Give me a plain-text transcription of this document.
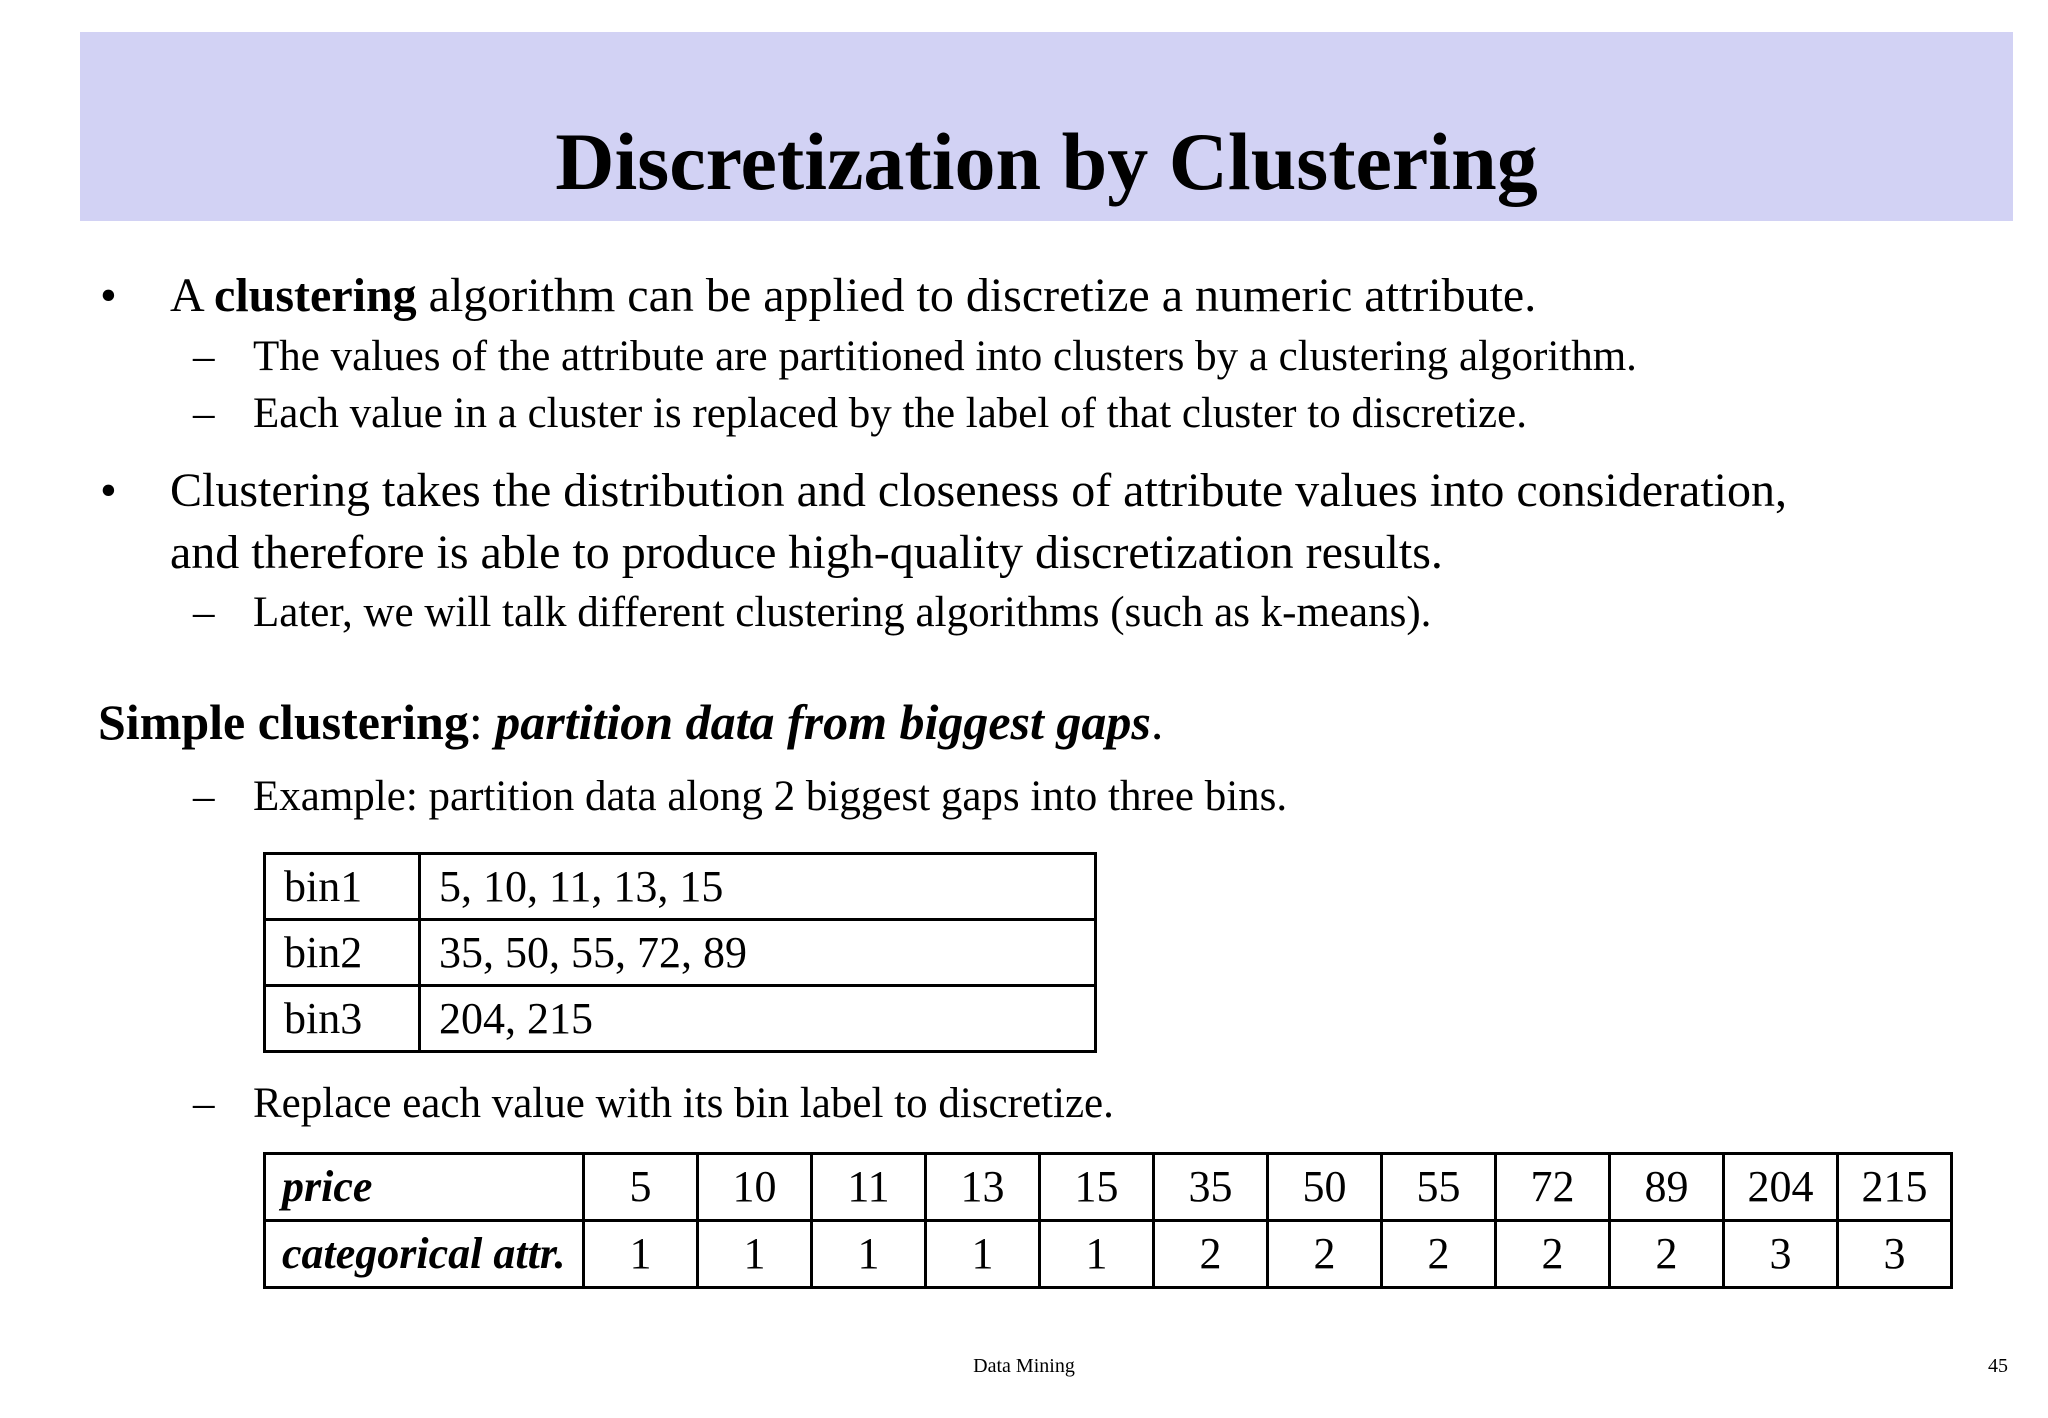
Discretization by Clustering
• A clustering algorithm can be applied to discretize a numeric attribute.
– The values of the attribute are partitioned into clusters by a clustering algorithm.
– Each value in a cluster is replaced by the label of that cluster to discretize.
• Clustering takes the distribution and closeness of attribute values into consideration,
and therefore is able to produce high-quality discretization results.
– Later, we will talk different clustering algorithms (such as k-means).
Simple clustering: partition data from biggest gaps.
– Example: partition data along 2 biggest gaps into three bins.
bin1	5, 10, 11, 13, 15
bin2	35, 50, 55, 72, 89
bin3	204, 215
– Replace each value with its bin label to discretize.
price	5	10	11	13	15	35	50	55	72	89	204	215
categorical attr.	1	1	1	1	1	2	2	2	2	2	3	3
Data Mining	45
